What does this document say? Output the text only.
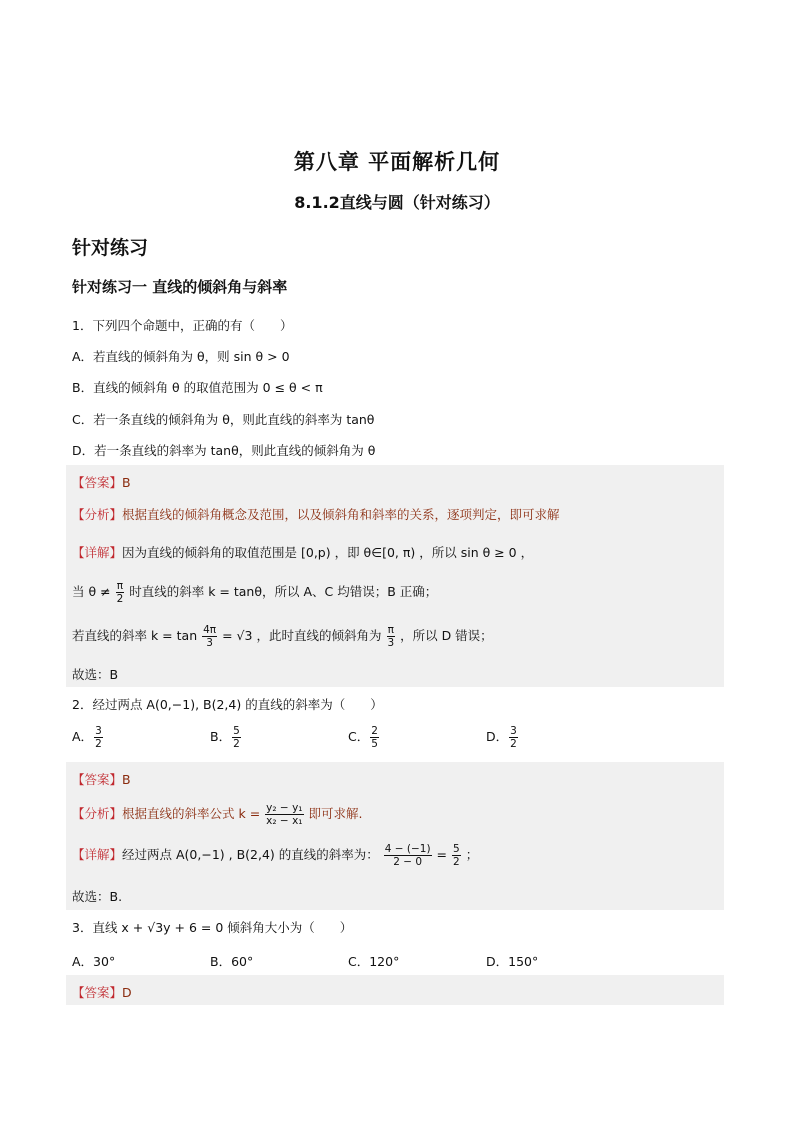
第八章 平面解析几何
8.1.2直线与圆（针对练习）
针对练习
针对练习一 直线的倾斜角与斜率
1．下列四个命题中，正确的有（　　）
A．若直线的倾斜角为 θ，则 sin θ > 0
B．直线的倾斜角 θ 的取值范围为 0 ≤ θ < π
C．若一条直线的倾斜角为 θ，则此直线的斜率为 tanθ
D．若一条直线的斜率为 tanθ，则此直线的倾斜角为 θ
【答案】B
【分析】根据直线的倾斜角概念及范围，以及倾斜角和斜率的关系，逐项判定，即可求解
【详解】因为直线的倾斜角的取值范围是 [0,p) ，即 θ∈[0, π) ，所以 sin θ ≥ 0 ，
当 $\theta \ne \frac{\pi}{2}$ 时直线的斜率 k = tanθ，所以 A、C 均错误；B 正确；
若直线的斜率 $k = \tan \frac{4\pi}{3} = √3$ ，此时直线的倾斜角为 $\frac{\pi}{3}$ ，所以 D 错误；
故选：B
2．经过两点 A(0,−1), B(2,4) 的直线的斜率为（　　）
A． $\frac{3}{2}$	B． $\frac{5}{2}$	C． $\frac{2}{5}$	D． $\frac{3}{2}$
【答案】B
【分析】根据直线的斜率公式 $k = \frac{\text{y₂ − y₁}}{\text{x₂ − x₁}}$ 即可求解.
【详解】经过两点 A(0,−1) , B(2,4) 的直线的斜率为： $\frac{4 - (-1)}{2 - 0} = \frac{5}{2}$ ；
故选：B.
3．直线 x + √3y + 6 = 0 倾斜角大小为（　　）
A．30°	B．60°	C．120°	D．150°
【答案】D
